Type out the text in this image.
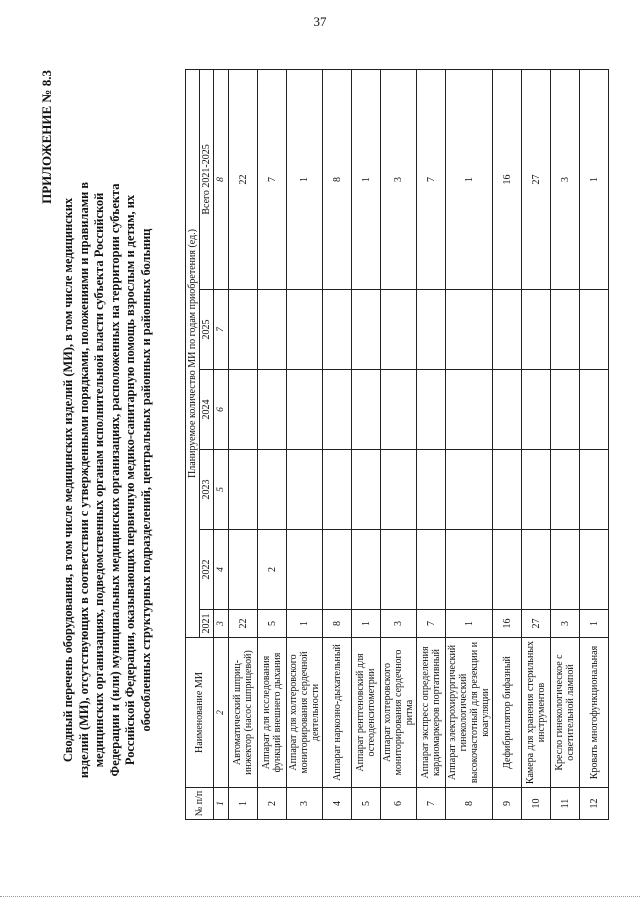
37
ПРИЛОЖЕНИЕ № 8.3
Сводный перечень оборудования, в том числе медицинских изделий (МИ), в том числе медицинских изделий (МИ), отсутствующих в соответствии с утвержденными порядками, положениями и правилами в медицинских организациях, подведомственных органам исполнительной власти субъекта Российской Федерации и (или) муниципальных медицинских организациях, расположенных на территории субъекта Российской Федерации, оказывающих первичную медико-санитарную помощь взрослым и детям, их обособленных структурных подразделений, центральных районных и районных больниц
№ п/п	Наименование МИ	Планируемое количество МИ по годам приобретения (ед.)					
		2021	2022	2023	2024	2025	Всего 2021-2025
1	2	3	4	5	6	7	8
1	Автоматический шприц-инжектор (насос шприцевой)	22					22
2	Аппарат для исследования функций внешнего дыхания	5	2				7
3	Аппарат для холтеровского мониторирования сердечной деятельности	1					1
4	Аппарат наркозно-дыхательный	8					8
5	Аппарат рентгеновский для остеоденситометрии	1					1
6	Аппарат холтеровского мониторирования сердечного ритма	3					3
7	Аппарат экспресс определения кардиомаркеров портативный	7					7
8	Аппарат электрохирургический гинекологический высокочастотный для резекции и коагуляции	1					1
9	Дефибриллятор бифазный	16					16
10	Камера для хранения стерильных инструментов	27					27
11	Кресло гинекологическое с осветительной лампой	3					3
12	Кровать многофункциональная	1					1
